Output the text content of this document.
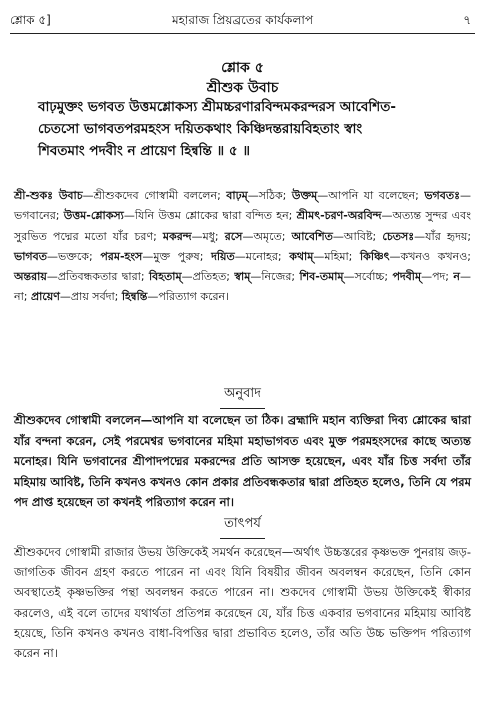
শ্লোক ৫]	মহারাজ প্রিয়ব্রতের কার্যকলাপ	৭
শ্লোক ৫
শ্রীশুক উবাচ
বাঢ়মুক্তং ভগবত উত্তমশ্লোকস্য শ্রীমচ্চরণারবিন্দমকরন্দরস আবেশিত-
চেতসো ভাগবতপরমহংস দয়িতকথাং কিঞ্চিদন্তরায়বিহতাং স্বাং
শিবতমাং পদবীং ন প্রায়েণ হিন্বন্তি ॥ ৫ ॥
শ্রী-শুকঃ উবাচ—শ্রীশুকদেব গোস্বামী বললেন; বাঢ়ম্—সঠিক; উক্তম্—আপনি যা বলেছেন; ভগবতঃ—ভগবানের; উত্তম-শ্লোকস্য—যিনি উত্তম শ্লোকের দ্বারা বন্দিত হন; শ্রীমৎ-চরণ-অরবিন্দ—অত্যন্ত সুন্দর এবং সুরভিত পদ্মের মতো যাঁর চরণ; মকরন্দ—মধু; রসে—অমৃতে; আবেশিত—আবিষ্ট; চেতসঃ—যাঁর হৃদয়; ভাগবত—ভক্তকে; পরম-হংস—মুক্ত পুরুষ; দয়িত—মনোহর; কথাম্—মহিমা; কিঞ্চিৎ—কখনও কখনও; অন্তরায়—প্রতিবন্ধকতার দ্বারা; বিহতাম্—প্রতিহত; স্বাম্—নিজের; শিব-তমাম্—সর্বোচ্চ; পদবীম্—পদ; ন—না; প্রায়েণ—প্রায় সর্বদা; হিন্বন্তি—পরিত্যাগ করেন।
অনুবাদ
শ্রীশুকদেব গোস্বামী বললেন—আপনি যা বলেছেন তা ঠিক। ব্রহ্মাদি মহান ব্যক্তিরা দিব্য শ্লোকের দ্বারা যাঁর বন্দনা করেন, সেই পরমেশ্বর ভগবানের মহিমা মহাভাগবত এবং মুক্ত পরমহংসদের কাছে অত্যন্ত মনোহর। যিনি ভগবানের শ্রীপাদপদ্মের মকরন্দের প্রতি আসক্ত হয়েছেন, এবং যাঁর চিত্ত সর্বদা তাঁর মহিমায় আবিষ্ট, তিনি কখনও কখনও কোন প্রকার প্রতিবন্ধকতার দ্বারা প্রতিহত হলেও, তিনি যে পরম পদ প্রাপ্ত হয়েছেন তা কখনই পরিত্যাগ করেন না।
তাৎপর্য
শ্রীশুকদেব গোস্বামী রাজার উভয় উক্তিকেই সমর্থন করেছেন—অর্থাৎ উচ্চস্তরের কৃষ্ণভক্ত পুনরায় জড়-জাগতিক জীবন গ্রহণ করতে পারেন না এবং যিনি বিষয়ীর জীবন অবলম্বন করেছেন, তিনি কোন অবস্থাতেই কৃষ্ণভক্তির পন্থা অবলম্বন করতে পারেন না। শুকদেব গোস্বামী উভয় উক্তিকেই স্বীকার করলেও, এই বলে তাদের যথার্থতা প্রতিপন্ন করেছেন যে, যাঁর চিত্ত একবার ভগবানের মহিমায় আবিষ্ট হয়েছে, তিনি কখনও কখনও বাধা-বিপত্তির দ্বারা প্রভাবিত হলেও, তাঁর অতি উচ্চ ভক্তিপদ পরিত্যাগ করেন না।
